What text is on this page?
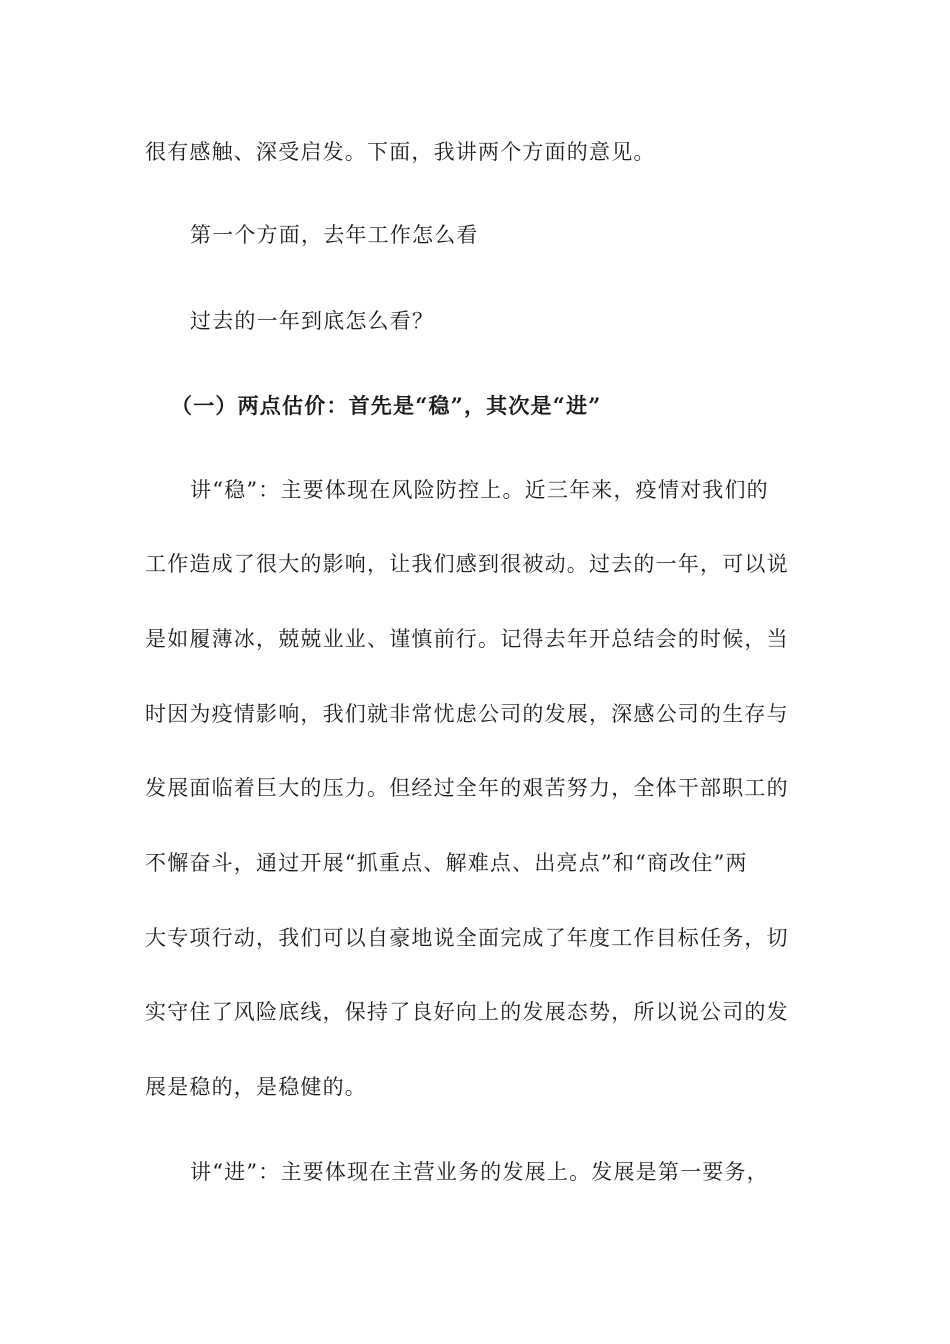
很有感触、深受启发。下面，我讲两个方面的意见。
第一个方面，去年工作怎么看
过去的一年到底怎么看？
（一）两点估价：首先是“稳”，其次是“进”
讲“稳”：主要体现在风险防控上。近三年来，疫情对我们的
工作造成了很大的影响，让我们感到很被动。过去的一年，可以说
是如履薄冰，兢兢业业、谨慎前行。记得去年开总结会的时候，当
时因为疫情影响，我们就非常忧虑公司的发展，深感公司的生存与
发展面临着巨大的压力。但经过全年的艰苦努力，全体干部职工的
不懈奋斗，通过开展“抓重点、解难点、出亮点”和“商改住”两
大专项行动，我们可以自豪地说全面完成了年度工作目标任务，切
实守住了风险底线，保持了良好向上的发展态势，所以说公司的发
展是稳的，是稳健的。
讲“进”：主要体现在主营业务的发展上。发展是第一要务，
